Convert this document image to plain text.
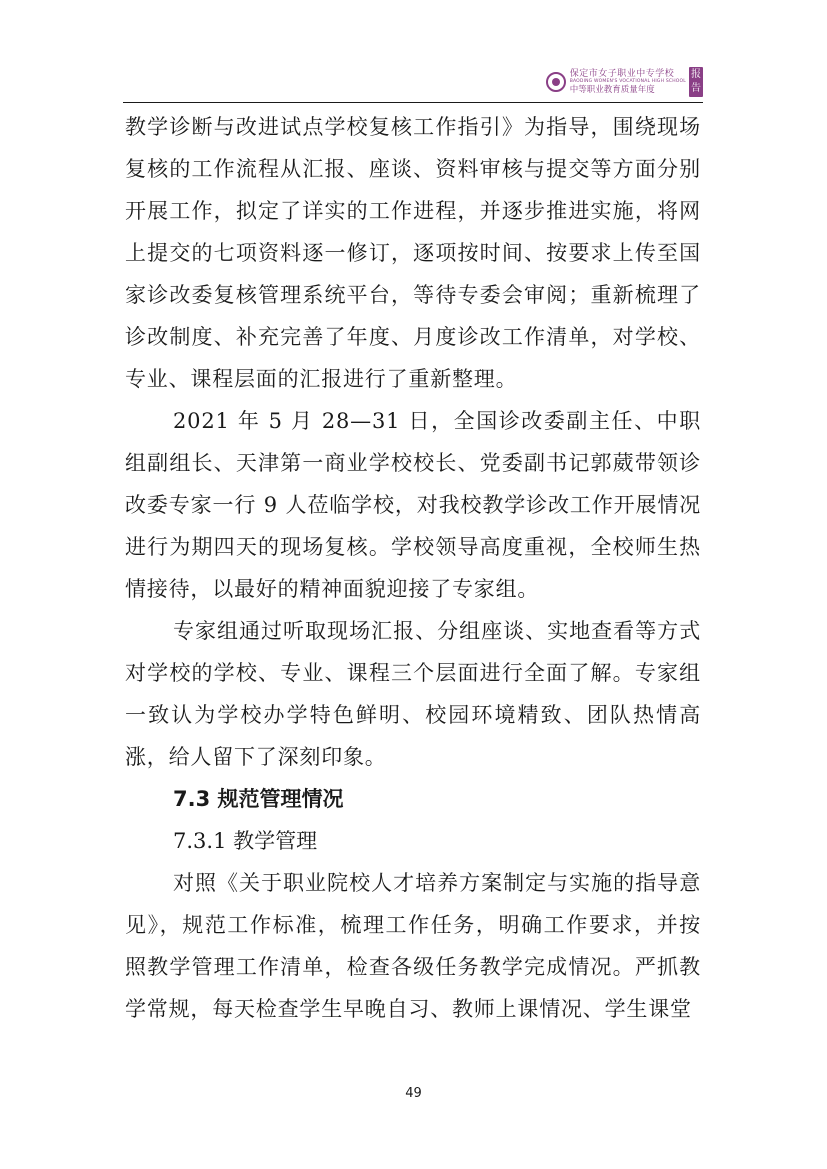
保定市女子职业中专学校
BAODING WOMEN'S VOCATIONAL HIGH SCHOOL
中等职业教育质量年度
报告

教学诊断与改进试点学校复核工作指引》为指导，围绕现场复核的工作流程从汇报、座谈、资料审核与提交等方面分别开展工作，拟定了详实的工作进程，并逐步推进实施，将网上提交的七项资料逐一修订，逐项按时间、按要求上传至国家诊改委复核管理系统平台，等待专委会审阅；重新梳理了诊改制度、补充完善了年度、月度诊改工作清单，对学校、专业、课程层面的汇报进行了重新整理。

2021 年 5 月 28—31 日，全国诊改委副主任、中职组副组长、天津第一商业学校校长、党委副书记郭葳带领诊改委专家一行 9 人莅临学校，对我校教学诊改工作开展情况进行为期四天的现场复核。学校领导高度重视，全校师生热情接待，以最好的精神面貌迎接了专家组。

专家组通过听取现场汇报、分组座谈、实地查看等方式对学校的学校、专业、课程三个层面进行全面了解。专家组一致认为学校办学特色鲜明、校园环境精致、团队热情高涨，给人留下了深刻印象。

7.3 规范管理情况

7.3.1 教学管理

对照《关于职业院校人才培养方案制定与实施的指导意见》，规范工作标准，梳理工作任务，明确工作要求，并按照教学管理工作清单，检查各级任务教学完成情况。严抓教学常规，每天检查学生早晚自习、教师上课情况、学生课堂

49
